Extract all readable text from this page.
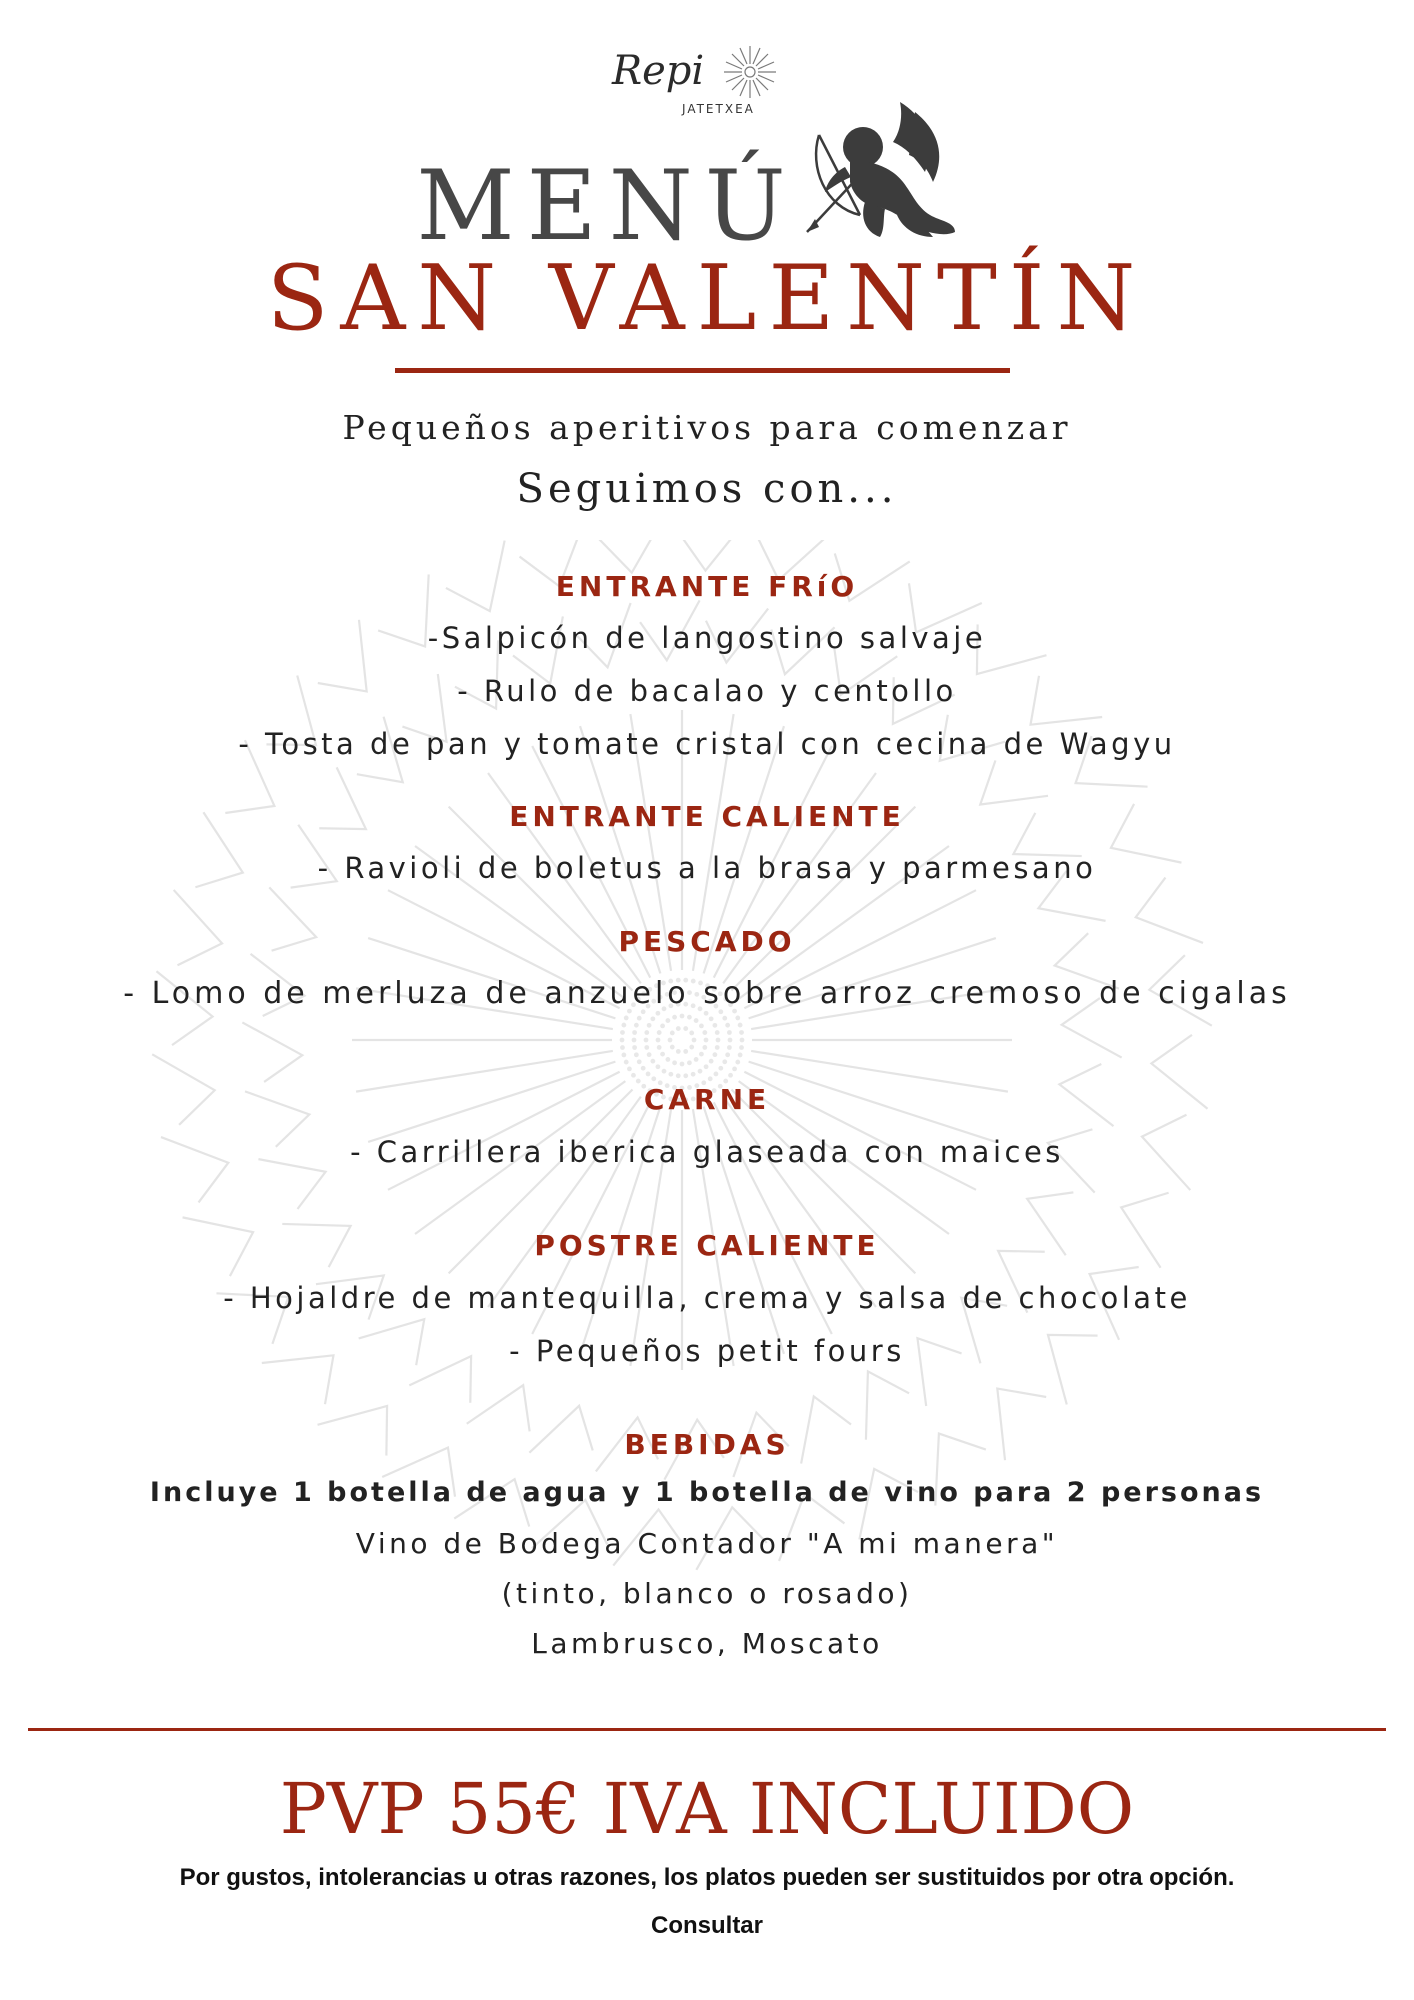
Repi
JATETXEA
MENÚ
SAN VALENTÍN
Pequeños aperitivos para comenzar
Seguimos con...
ENTRANTE FRíO
-Salpicón de langostino salvaje
- Rulo de bacalao y centollo
- Tosta de pan y tomate cristal con cecina de Wagyu
ENTRANTE CALIENTE
- Ravioli de boletus a la brasa y parmesano
PESCADO
- Lomo de merluza de anzuelo sobre arroz cremoso de cigalas
CARNE
- Carrillera iberica glaseada con maices
POSTRE CALIENTE
- Hojaldre de mantequilla, crema y salsa de chocolate
- Pequeños petit fours
BEBIDAS
Incluye 1 botella de agua y 1 botella de vino para 2 personas
Vino de Bodega Contador "A mi manera"
(tinto, blanco o rosado)
Lambrusco, Moscato
PVP 55€ IVA INCLUIDO
Por gustos, intolerancias u otras razones, los platos pueden ser sustituidos por otra opción.
Consultar
